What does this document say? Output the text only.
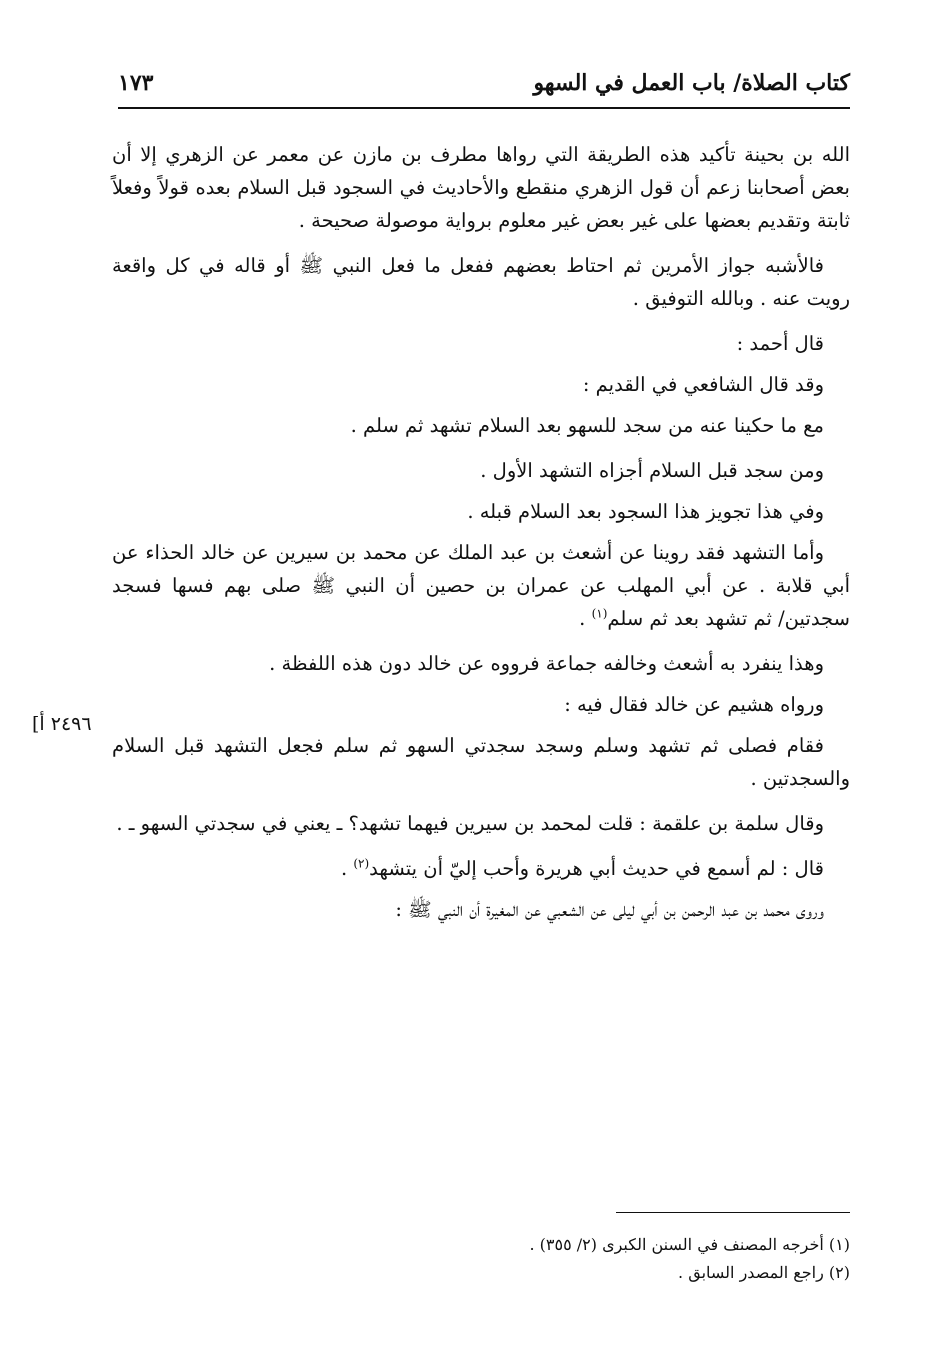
كتاب الصلاة/ باب العمل في السهو
١٧٣
٢٤٩٦ أ]

الله بن بحينة تأكيد هذه الطريقة التي رواها مطرف بن مازن عن معمر عن الزهري إلا أن بعض أصحابنا زعم أن قول الزهري منقطع والأحاديث في السجود قبل السلام بعده قولاً وفعلاً ثابتة وتقديم بعضها على غير بعض غير معلوم برواية موصولة صحيحة .

فالأشبه جواز الأمرين ثم احتاط بعضهم ففعل ما فعل النبي ﷺ أو قاله في كل واقعة رويت عنه . وبالله التوفيق .

قال أحمد :

وقد قال الشافعي في القديم :

مع ما حكينا عنه من سجد للسهو بعد السلام تشهد ثم سلم .

ومن سجد قبل السلام أجزاه التشهد الأول .

وفي هذا تجويز هذا السجود بعد السلام قبله .

وأما التشهد فقد روينا عن أشعث بن عبد الملك عن محمد بن سيرين عن خالد الحذاء عن أبي قلابة . عن أبي المهلب عن عمران بن حصين أن النبي ﷺ صلى بهم فسها فسجد سجدتين/ ثم تشهد بعد ثم سلم$^{(١)}$ .

وهذا ينفرد به أشعث وخالفه جماعة فرووه عن خالد دون هذه اللفظة .

ورواه هشيم عن خالد فقال فيه :

فقام فصلى ثم تشهد وسلم وسجد سجدتي السهو ثم سلم فجعل التشهد قبل السلام والسجدتين .

وقال سلمة بن علقمة : قلت لمحمد بن سيرين فيهما تشهد؟ ـ يعني في سجدتي السهو ـ .

قال : لم أسمع في حديث أبي هريرة وأحب إليّ أن يتشهد$^{(٢)}$ .

وروى محمد بن عبد الرحمن بن أبي ليلى عن الشعبي عن المغيرة أن النبي ﷺ :

(١) أخرجه المصنف في السنن الكبرى (٢/ ٣٥٥) .
(٢) راجع المصدر السابق .
